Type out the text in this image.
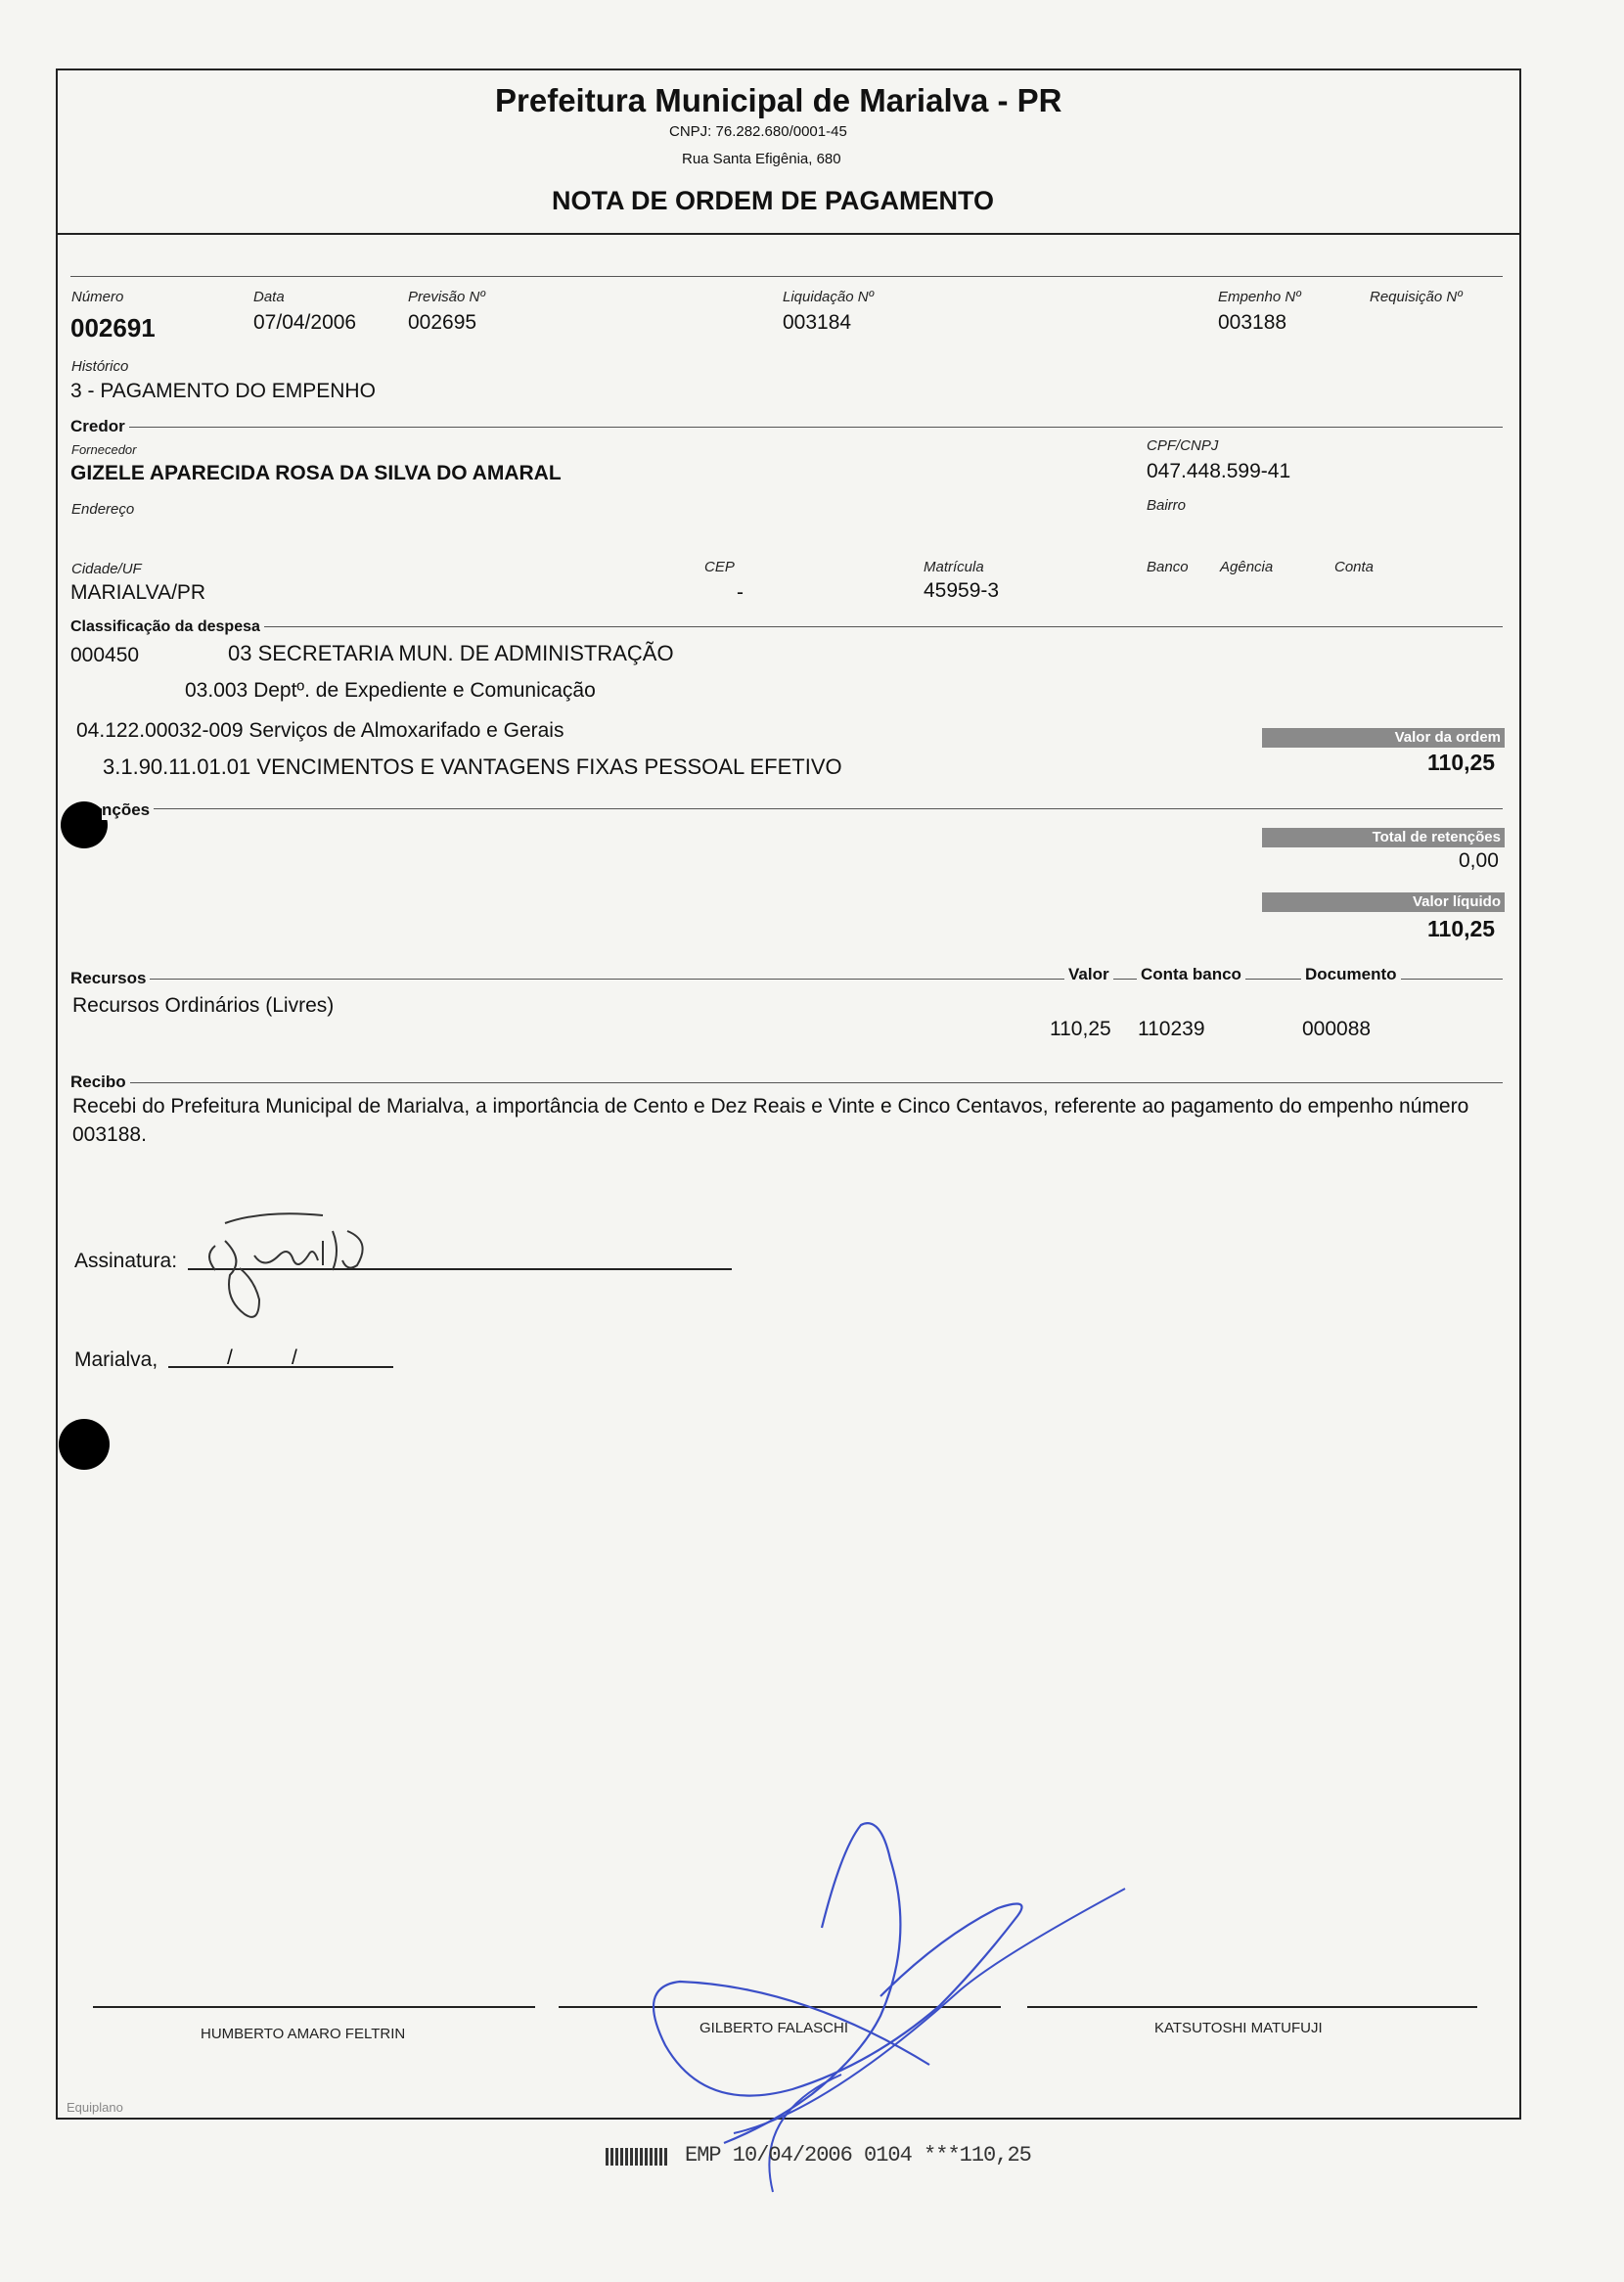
Prefeitura Municipal de Marialva - PR
CNPJ: 76.282.680/0001-45
Rua Santa Efigênia, 680
NOTA DE ORDEM DE PAGAMENTO
Número
002691
Data
07/04/2006
Previsão Nº
002695
Liquidação Nº
003184
Empenho Nº
003188
Requisição Nº
Histórico
3 - PAGAMENTO DO EMPENHO
Credor
Fornecedor
GIZELE APARECIDA ROSA DA SILVA DO AMARAL
CPF/CNPJ
047.448.599-41
Endereço	Bairro
Cidade/UF
MARIALVA/PR
CEP
-
Matrícula
45959-3
Banco Agência	Conta
Classificação da despesa
000450	03 SECRETARIA MUN. DE ADMINISTRAÇÃO
03.003 Deptº. de Expediente e Comunicação
04.122.00032-009 Serviços de Almoxarifado e Gerais
3.1.90.11.01.01 VENCIMENTOS E VANTAGENS FIXAS PESSOAL EFETIVO
Valor da ordem
110,25
nções
Total de retenções
0,00
Valor líquido
110,25
Recursos	Valor Conta banco	Documento
Recursos Ordinários (Livres)
110,25 110239	000088
Recibo
Recebi do Prefeitura Municipal de Marialva, a importância de Cento e Dez Reais e Vinte e Cinco Centavos, referente ao pagamento do empenho número 003188.
Assinatura:
Marialva,	/	/
HUMBERTO AMARO FELTRIN	GILBERTO FALASCHI	KATSUTOSHI MATUFUJI
Equiplano
EMP 10/04/2006 0104 ***110,25
